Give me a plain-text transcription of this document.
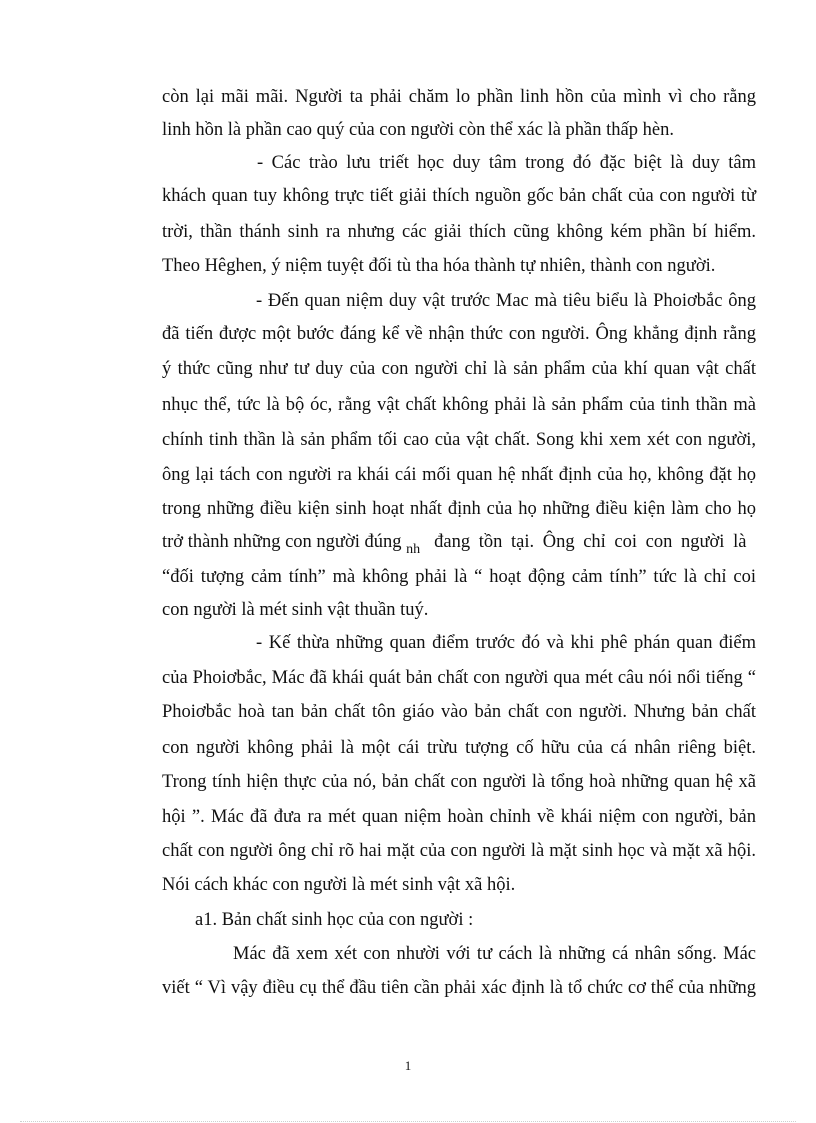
còn lại mãi mãi. Người ta phải chăm lo phần linh hồn của mình vì cho rằng
linh hồn là phần cao quý của con người còn thể xác là phần thấp hèn.
- Các trào lưu triết học duy tâm trong đó đặc biệt là duy tâm
khách quan tuy không trực tiết giải thích nguồn gốc bản chất của con người từ
trời, thần thánh sinh ra nhưng các giải thích cũng không kém phần bí hiểm.
Theo Hêghen, ý niệm tuyệt đối tù tha hóa thành tự nhiên, thành con người.
- Đến quan niệm duy vật trước Mac mà tiêu biểu là Phoiơbắc ông
đã tiến được một bước đáng kể về nhận thức con người. Ông khẳng định rằng
ý thức cũng như tư duy của con người chỉ là sản phẩm của khí quan vật chất
nhục thể, tức là bộ óc, rằng vật chất không phải là sản phẩm của tinh thần mà
chính tinh thần là sản phẩm tối cao của vật chất. Song khi xem xét con người,
ông lại tách con người ra khái cái mối quan hệ nhất định của họ, không đặt họ
trong những điều kiện sinh hoạt nhất định của họ những điều kiện làm cho họ
trở thành những con người đúng $_{nh}$ đang tồn tại. Ông chỉ coi con người là
“đối tượng cảm tính” mà không phải là “ hoạt động cảm tính” tức là chỉ coi
con người là mét sinh vật thuần tuý.
- Kế thừa những quan điểm trước đó và khi phê phán quan điểm
của Phoiơbắc, Mác đã khái quát bản chất con người qua mét câu nói nổi tiếng “
Phoiơbắc hoà tan bản chất tôn giáo vào bản chất con người. Nhưng bản chất
con người không phải là một cái trừu tượng cố hữu của cá nhân riêng biệt.
Trong tính hiện thực của nó, bản chất con người là tổng hoà những quan hệ xã
hội ”. Mác đã đưa ra mét quan niệm hoàn chỉnh về khái niệm con người, bản
chất con người ông chỉ rõ hai mặt của con người là mặt sinh học và mặt xã hội.
Nói cách khác con người là mét sinh vật xã hội.
a1. Bản chất sinh học của con người :
Mác đã xem xét con nhười với tư cách là những cá nhân sống. Mác
viết “ Vì vậy điều cụ thể đầu tiên cần phải xác định là tổ chức cơ thể của những
1
